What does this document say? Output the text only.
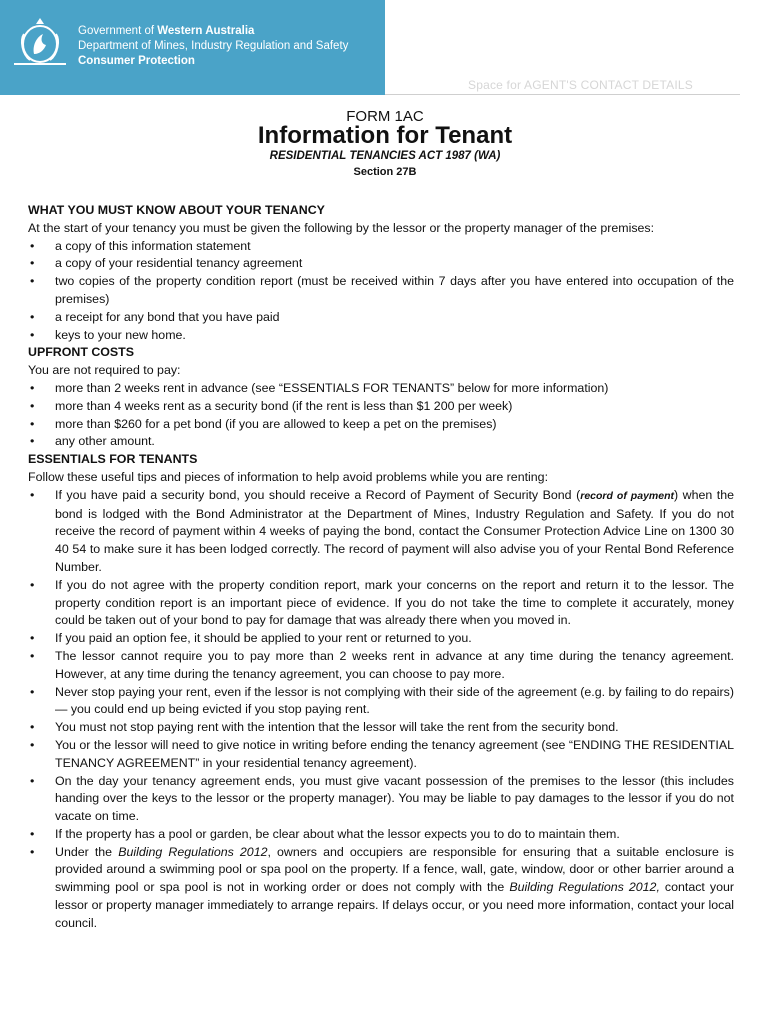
Government of Western Australia
Department of Mines, Industry Regulation and Safety
Consumer Protection
Space for AGENT'S CONTACT DETAILS
FORM 1AC
Information for Tenant
RESIDENTIAL TENANCIES ACT 1987 (WA)
Section 27B
WHAT YOU MUST KNOW ABOUT YOUR TENANCY

At the start of your tenancy you must be given the following by the lessor or the property manager of the premises:

• a copy of this information statement
• a copy of your residential tenancy agreement
• two copies of the property condition report (must be received within 7 days after you have entered into occupation of the premises)
• a receipt for any bond that you have paid
• keys to your new home.
UPFRONT COSTS

You are not required to pay:

• more than 2 weeks rent in advance (see “ESSENTIALS FOR TENANTS” below for more information)
• more than 4 weeks rent as a security bond (if the rent is less than $1 200 per week)
• more than $260 for a pet bond (if you are allowed to keep a pet on the premises)
• any other amount.
ESSENTIALS FOR TENANTS

Follow these useful tips and pieces of information to help avoid problems while you are renting:

• If you have paid a security bond, you should receive a Record of Payment of Security Bond (record of payment) when the bond is lodged with the Bond Administrator at the Department of Mines, Industry Regulation and Safety. If you do not receive the record of payment within 4 weeks of paying the bond, contact the Consumer Protection Advice Line on 1300 30 40 54 to make sure it has been lodged correctly. The record of payment will also advise you of your Rental Bond Reference Number.
• If you do not agree with the property condition report, mark your concerns on the report and return it to the lessor. The property condition report is an important piece of evidence. If you do not take the time to complete it accurately, money could be taken out of your bond to pay for damage that was already there when you moved in.
• If you paid an option fee, it should be applied to your rent or returned to you.
• The lessor cannot require you to pay more than 2 weeks rent in advance at any time during the tenancy agreement. However, at any time during the tenancy agreement, you can choose to pay more.
• Never stop paying your rent, even if the lessor is not complying with their side of the agreement (e.g. by failing to do repairs) — you could end up being evicted if you stop paying rent.
• You must not stop paying rent with the intention that the lessor will take the rent from the security bond.
• You or the lessor will need to give notice in writing before ending the tenancy agreement (see “ENDING THE RESIDENTIAL TENANCY AGREEMENT” in your residential tenancy agreement).
• On the day your tenancy agreement ends, you must give vacant possession of the premises to the lessor (this includes handing over the keys to the lessor or the property manager). You may be liable to pay damages to the lessor if you do not vacate on time.
• If the property has a pool or garden, be clear about what the lessor expects you to do to maintain them.
• Under the Building Regulations 2012, owners and occupiers are responsible for ensuring that a suitable enclosure is provided around a swimming pool or spa pool on the property. If a fence, wall, gate, window, door or other barrier around a swimming pool or spa pool is not in working order or does not comply with the Building Regulations 2012, contact your lessor or property manager immediately to arrange repairs. If delays occur, or you need more information, contact your local council.
